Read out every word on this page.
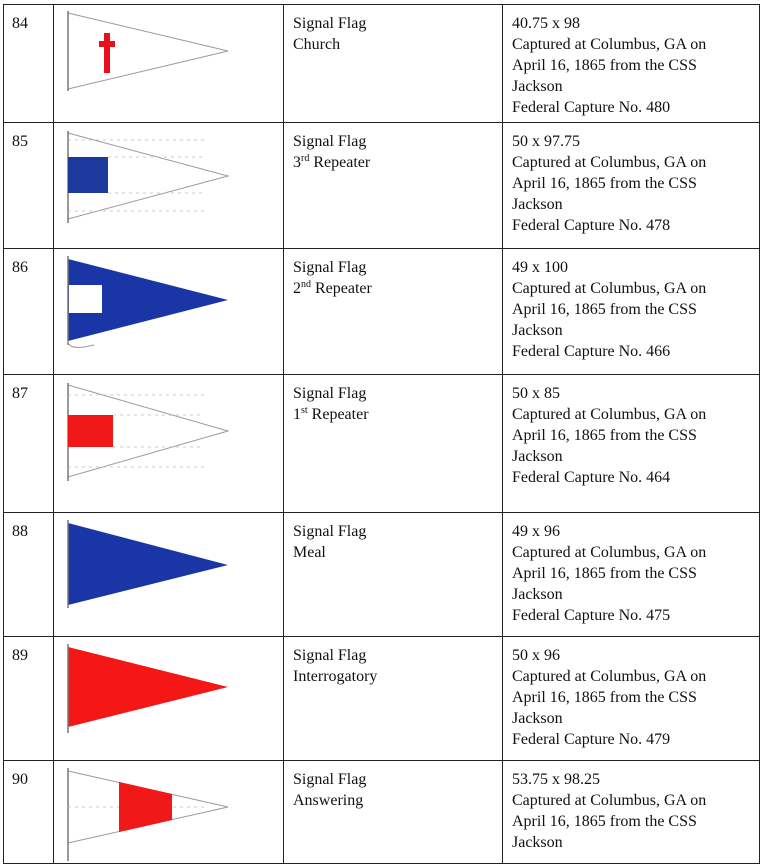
84		Signal Flag
Church	40.75 x 98
Captured at Columbus, GA on
April 16, 1865 from the CSS
Jackson
Federal Capture No. 480

85		Signal Flag
3rd Repeater	50 x 97.75
Captured at Columbus, GA on
April 16, 1865 from the CSS
Jackson
Federal Capture No. 478

86		Signal Flag
2nd Repeater	49 x 100
Captured at Columbus, GA on
April 16, 1865 from the CSS
Jackson
Federal Capture No. 466

87		Signal Flag
1st Repeater	50 x 85
Captured at Columbus, GA on
April 16, 1865 from the CSS
Jackson
Federal Capture No. 464

88		Signal Flag
Meal	49 x 96
Captured at Columbus, GA on
April 16, 1865 from the CSS
Jackson
Federal Capture No. 475

89		Signal Flag
Interrogatory	50 x 96
Captured at Columbus, GA on
April 16, 1865 from the CSS
Jackson
Federal Capture No. 479

90		Signal Flag
Answering	53.75 x 98.25
Captured at Columbus, GA on
April 16, 1865 from the CSS
Jackson
